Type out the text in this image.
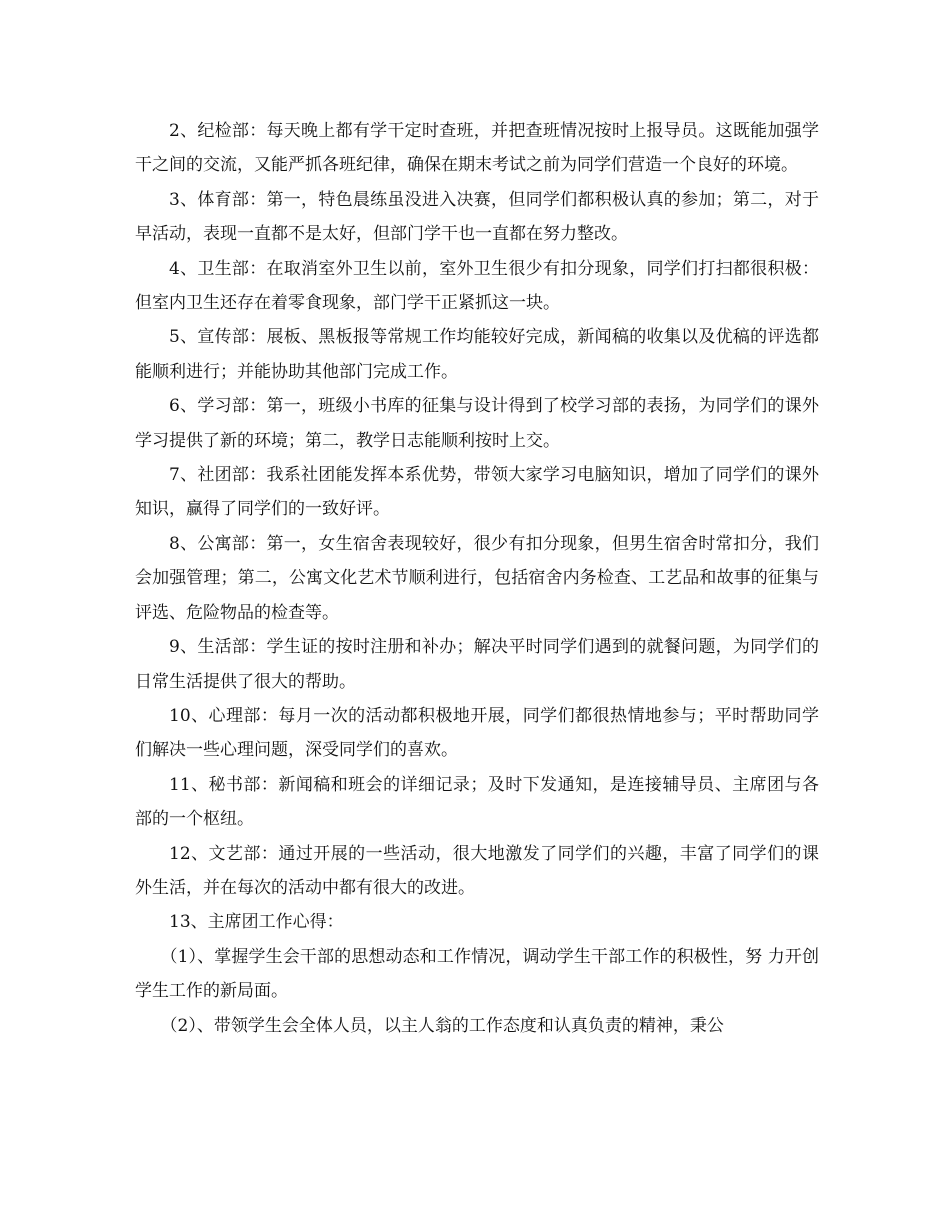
2、纪检部：每天晚上都有学干定时查班，并把查班情况按时上报导员。这既能加强学干之间的交流，又能严抓各班纪律，确保在期末考试之前为同学们营造一个良好的环境。

3、体育部：第一，特色晨练虽没进入决赛，但同学们都积极认真的参加；第二，对于早活动，表现一直都不是太好，但部门学干也一直都在努力整改。

4、卫生部：在取消室外卫生以前，室外卫生很少有扣分现象，同学们打扫都很积极：但室内卫生还存在着零食现象，部门学干正紧抓这一块。

5、宣传部：展板、黑板报等常规工作均能较好完成，新闻稿的收集以及优稿的评选都能顺利进行；并能协助其他部门完成工作。

6、学习部：第一，班级小书库的征集与设计得到了校学习部的表扬，为同学们的课外学习提供了新的环境；第二，教学日志能顺利按时上交。

7、社团部：我系社团能发挥本系优势，带领大家学习电脑知识，增加了同学们的课外知识，赢得了同学们的一致好评。

8、公寓部：第一，女生宿舍表现较好，很少有扣分现象，但男生宿舍时常扣分，我们会加强管理；第二，公寓文化艺术节顺利进行，包括宿舍内务检查、工艺品和故事的征集与评选、危险物品的检查等。

9、生活部：学生证的按时注册和补办；解决平时同学们遇到的就餐问题，为同学们的日常生活提供了很大的帮助。

10、心理部：每月一次的活动都积极地开展，同学们都很热情地参与；平时帮助同学们解决一些心理问题，深受同学们的喜欢。

11、秘书部：新闻稿和班会的详细记录；及时下发通知，是连接辅导员、主席团与各部的一个枢纽。

12、文艺部：通过开展的一些活动，很大地激发了同学们的兴趣，丰富了同学们的课外生活，并在每次的活动中都有很大的改进。

13、主席团工作心得：

（1）、掌握学生会干部的思想动态和工作情况，调动学生干部工作的积极性，努 力开创学生工作的新局面。

（2）、带领学生会全体人员，以主人翁的工作态度和认真负责的精神，秉公
